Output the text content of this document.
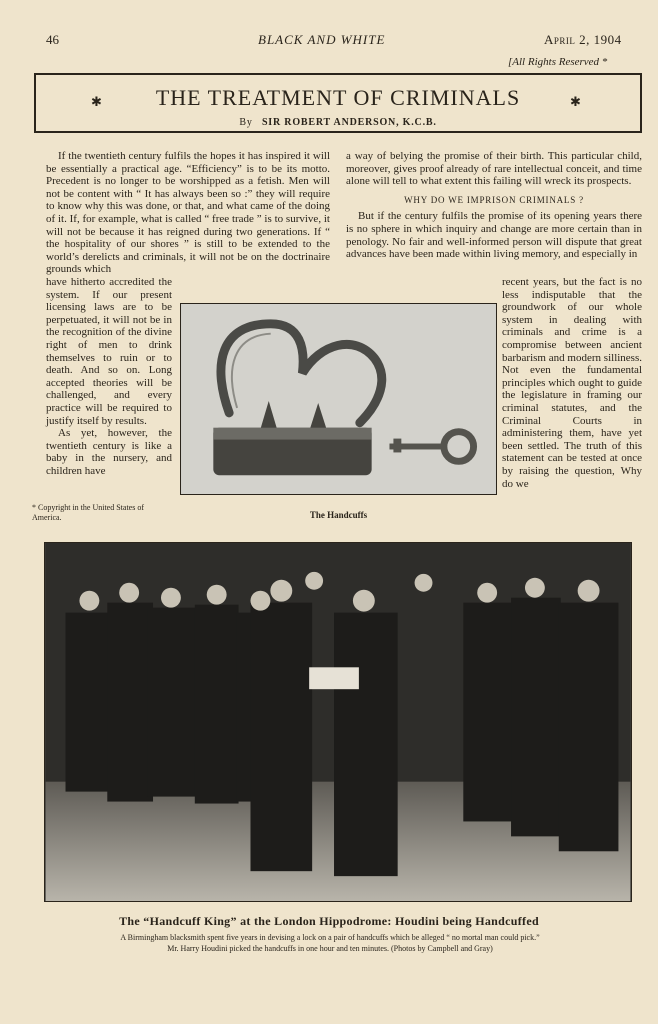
46	BLACK AND WHITE	April 2, 1904
[All Rights Reserved *
✱	✱
THE TREATMENT OF CRIMINALS
By SIR ROBERT ANDERSON, K.C.B.

If the twentieth century fulfils the hopes it has inspired it will be essentially a practical age. “Efficiency” is to be its motto. Precedent is no longer to be worshipped as a fetish. Men will not be content with “ It has always been so :” they will require to know why this was done, or that, and what came of the doing of it. If, for example, what is called “ free trade ” is to survive, it will not be because it has reigned during two generations. If “ the hospitality of our shores ” is still to be extended to the world’s derelicts and criminals, it will not be on the doctrinaire grounds which

have hitherto accredited the system. If our present licensing laws are to be perpetuated, it will not be in the recognition of the divine right of men to drink themselves to ruin or to death. And so on. Long accepted theories will be challenged, and every practice will be required to justify itself by results.

As yet, however, the twentieth century is like a baby in the nursery, and children have

a way of belying the promise of their birth. This particular child, moreover, gives proof already of rare intellectual conceit, and time alone will tell to what extent this failing will wreck its prospects.

WHY DO WE IMPRISON CRIMINALS ?

But if the century fulfils the promise of its opening years there is no sphere in which inquiry and change are more certain than in penology. No fair and well-informed person will dispute that great advances have been made within living memory, and especially in

recent years, but the fact is no less indisputable that the groundwork of our whole system in dealing with criminals and crime is a compromise between ancient barbarism and modern silliness. Not even the fundamental principles which ought to guide the legislature in framing our criminal statutes, and the Criminal Courts in administering them, have yet been settled. The truth of this statement can be tested at once by raising the question, Why do we

The Handcuffs
* Copyright in the United States of America.
The “Handcuff King” at the London Hippodrome: Houdini being Handcuffed
A Birmingham blacksmith spent five years in devising a lock on a pair of handcuffs which be alleged “ no mortal man could pick.”
Mr. Harry Houdini picked the handcuffs in one hour and ten minutes. (Photos by Campbell and Gray)
